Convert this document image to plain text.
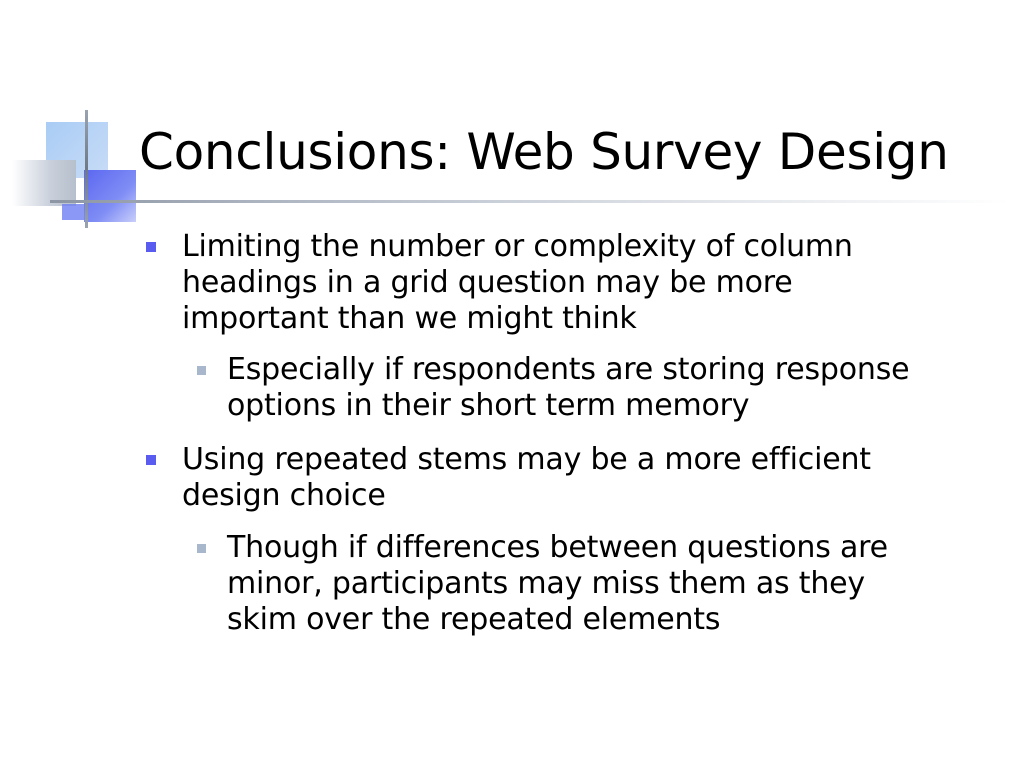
Conclusions: Web Survey Design
Limiting the number or complexity of column
headings in a grid question may be more
important than we might think
Especially if respondents are storing response
options in their short term memory
Using repeated stems may be a more efficient
design choice
Though if differences between questions are
minor, participants may miss them as they
skim over the repeated elements
